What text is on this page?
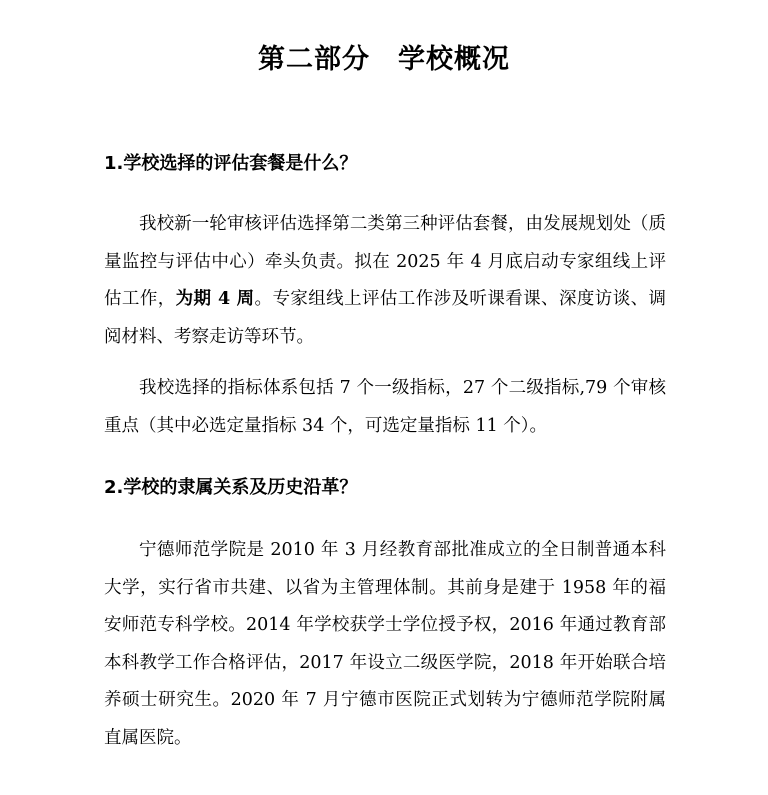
第二部分　学校概况
1.学校选择的评估套餐是什么？
我校新一轮审核评估选择第二类第三种评估套餐，由发展规划处（质量监控与评估中心）牵头负责。拟在 2025 年 4 月底启动专家组线上评估工作，为期 4 周。专家组线上评估工作涉及听课看课、深度访谈、调阅材料、考察走访等环节。
我校选择的指标体系包括 7 个一级指标，27 个二级指标,79 个审核重点（其中必选定量指标 34 个，可选定量指标 11 个）。
2.学校的隶属关系及历史沿革？
宁德师范学院是 2010 年 3 月经教育部批准成立的全日制普通本科大学，实行省市共建、以省为主管理体制。其前身是建于 1958 年的福安师范专科学校。2014 年学校获学士学位授予权，2016 年通过教育部本科教学工作合格评估，2017 年设立二级医学院，2018 年开始联合培养硕士研究生。2020 年 7 月宁德市医院正式划转为宁德师范学院附属直属医院。
